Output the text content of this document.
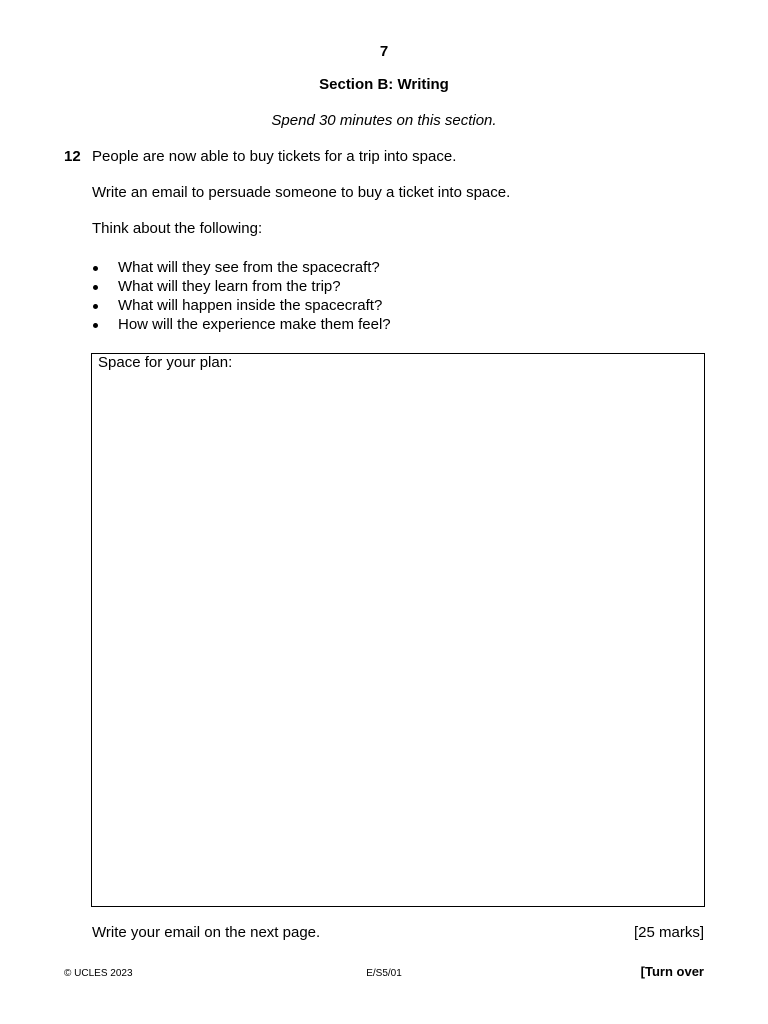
7
Section B: Writing
Spend 30 minutes on this section.
12 People are now able to buy tickets for a trip into space.
Write an email to persuade someone to buy a ticket into space.
Think about the following:
What will they see from the spacecraft?
What will they learn from the trip?
What will happen inside the spacecraft?
How will the experience make them feel?
Space for your plan:
Write your email on the next page.	[25 marks]
© UCLES 2023	E/S5/01	[Turn over
